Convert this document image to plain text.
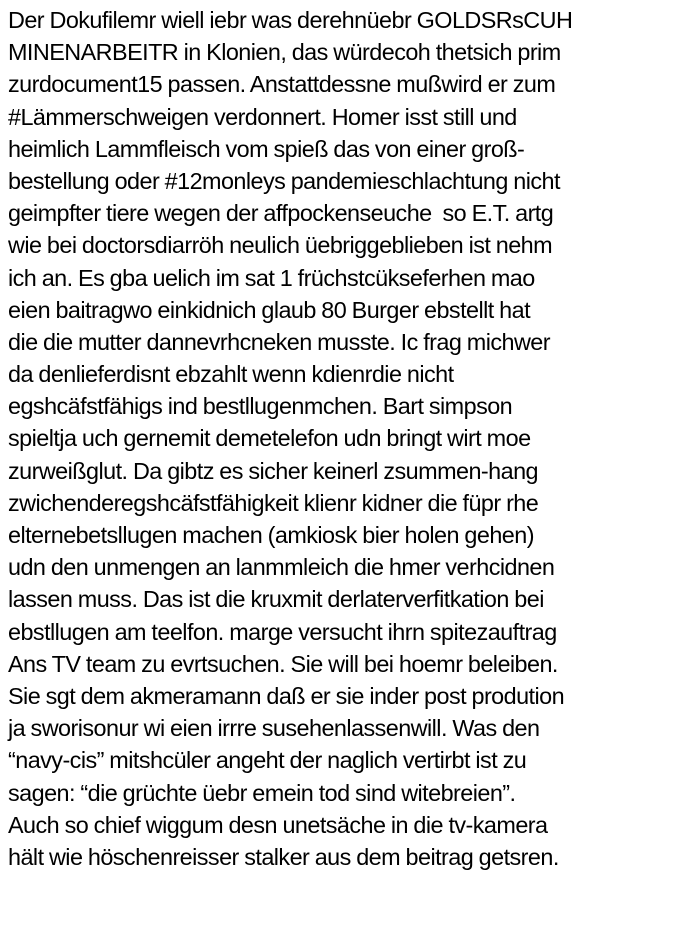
Der Dokufilemr wiell iebr was derehnüebr GOLDSRsCUH
MINENARBEITR in Klonien, das würdecoh thetsich prim
zurdocument15 passen. Anstattdessne mußwird er zum
#Lämmerschweigen verdonnert. Homer isst still und
heimlich Lammfleisch vom spieß das von einer groß-
bestellung oder #12monleys pandemieschlachtung nicht
geimpfter tiere wegen der affpockenseuche  so E.T. artg
wie bei doctorsdiarröh neulich üebriggeblieben ist nehm
ich an. Es gba uelich im sat 1 früchstcükseferhen mao
eien baitragwo einkidnich glaub 80 Burger ebstellt hat
die die mutter dannevrhcneken musste. Ic frag michwer
da denlieferdisnt ebzahlt wenn kdienrdie nicht
egshcäfstfähigs ind bestllugenmchen. Bart simpson
spieltja uch gernemit demetelefon udn bringt wirt moe
zurweißglut. Da gibtz es sicher keinerl zsummen-hang
zwichenderegshcäfstfähigkeit klienr kidner die füpr rhe
elternebetsllugen machen (amkiosk bier holen gehen)
udn den unmengen an lanmmleich die hmer verhcidnen
lassen muss. Das ist die kruxmit derlaterverfitkation bei
ebstllugen am teelfon. marge versucht ihrn spitezauftrag
Ans TV team zu evrtsuchen. Sie will bei hoemr beleiben.
Sie sgt dem akmeramann daß er sie inder post prodution
ja sworisonur wi eien irrre susehenlassenwill. Was den
“navy-cis” mitshcüler angeht der naglich vertirbt ist zu
sagen: “die grüchte üebr emein tod sind witebreien”.
Auch so chief wiggum desn unetsäche in die tv-kamera
hält wie höschenreisser stalker aus dem beitrag getsren.
